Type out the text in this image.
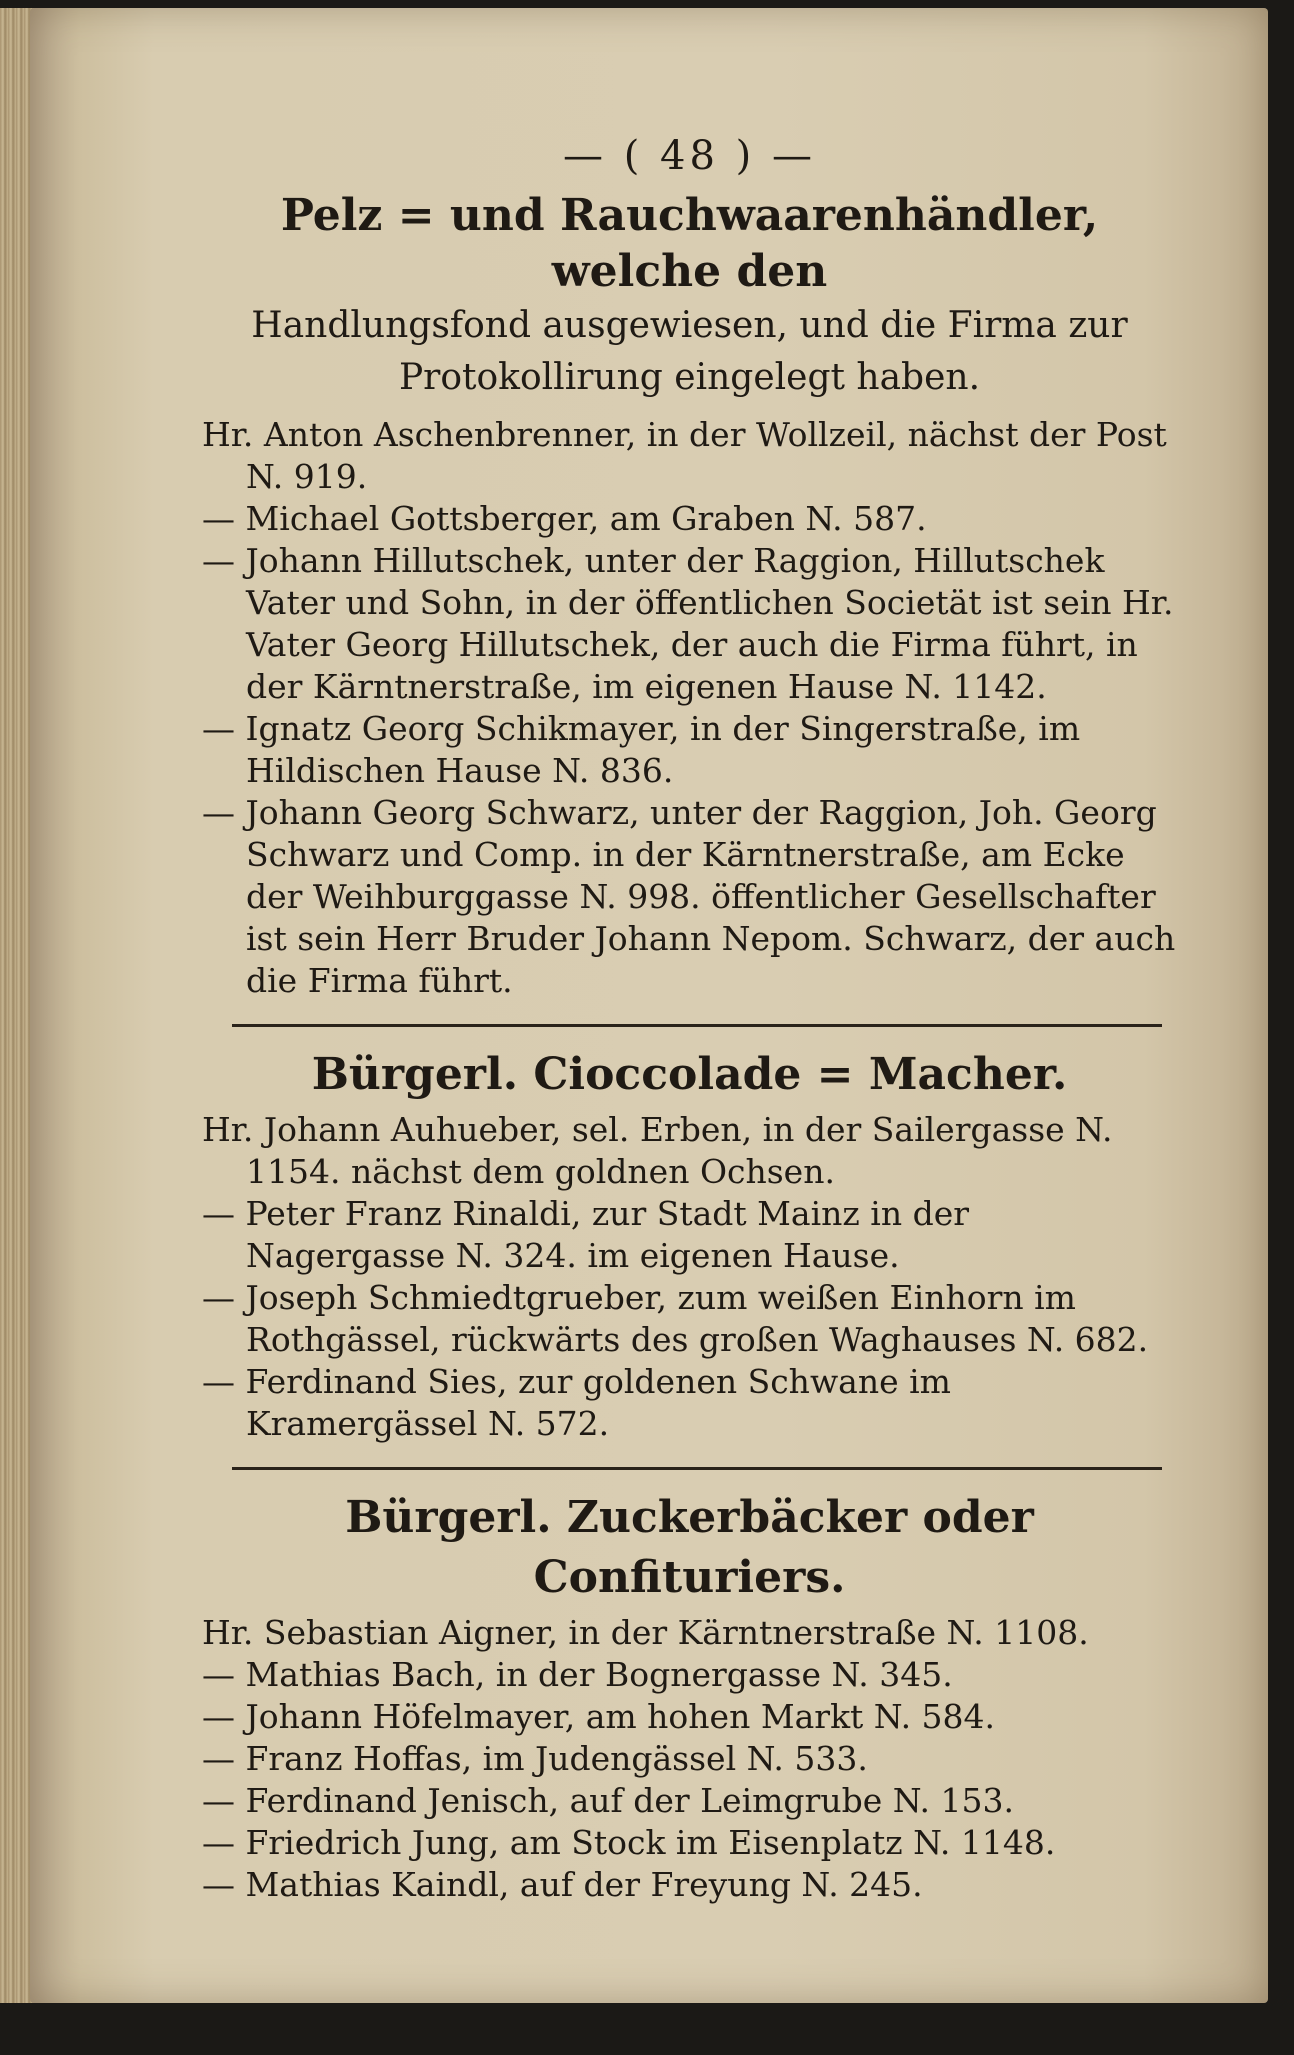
— ( 48 ) —
Pelz = und Rauchwaarenhändler, welche den
Handlungsfond ausgewiesen, und die Firma zur
Protokollirung eingelegt haben.

Hr. Anton Aschenbrenner, in der Wollzeil, nächst der Post N. 919.

— Michael Gottsberger, am Graben N. 587.

— Johann Hillutschek, unter der Raggion, Hillutschek Vater und Sohn, in der öffentlichen Societät ist sein Hr. Vater Georg Hillutschek, der auch die Firma führt, in der Kärntnerstraße, im eigenen Hause N. 1142.

— Ignatz Georg Schikmayer, in der Singerstraße, im Hildischen Hause N. 836.

— Johann Georg Schwarz, unter der Raggion, Joh. Georg Schwarz und Comp. in der Kärntnerstraße, am Ecke der Weihburggasse N. 998. öffentlicher Gesellschafter ist sein Herr Bruder Johann Nepom. Schwarz, der auch die Firma führt.

Bürgerl. Cioccolade = Macher.

Hr. Johann Auhueber, sel. Erben, in der Sailergasse N. 1154. nächst dem goldnen Ochsen.

— Peter Franz Rinaldi, zur Stadt Mainz in der Nagergasse N. 324. im eigenen Hause.

— Joseph Schmiedtgrueber, zum weißen Einhorn im Rothgässel, rückwärts des großen Waghauses N. 682.

— Ferdinand Sies, zur goldenen Schwane im Kramergässel N. 572.

Bürgerl. Zuckerbäcker oder Confituriers.

Hr. Sebastian Aigner, in der Kärntnerstraße N. 1108.

— Mathias Bach, in der Bognergasse N. 345.

— Johann Höfelmayer, am hohen Markt N. 584.

— Franz Hoffas, im Judengässel N. 533.

— Ferdinand Jenisch, auf der Leimgrube N. 153.

— Friedrich Jung, am Stock im Eisenplatz N. 1148.

— Mathias Kaindl, auf der Freyung N. 245.
